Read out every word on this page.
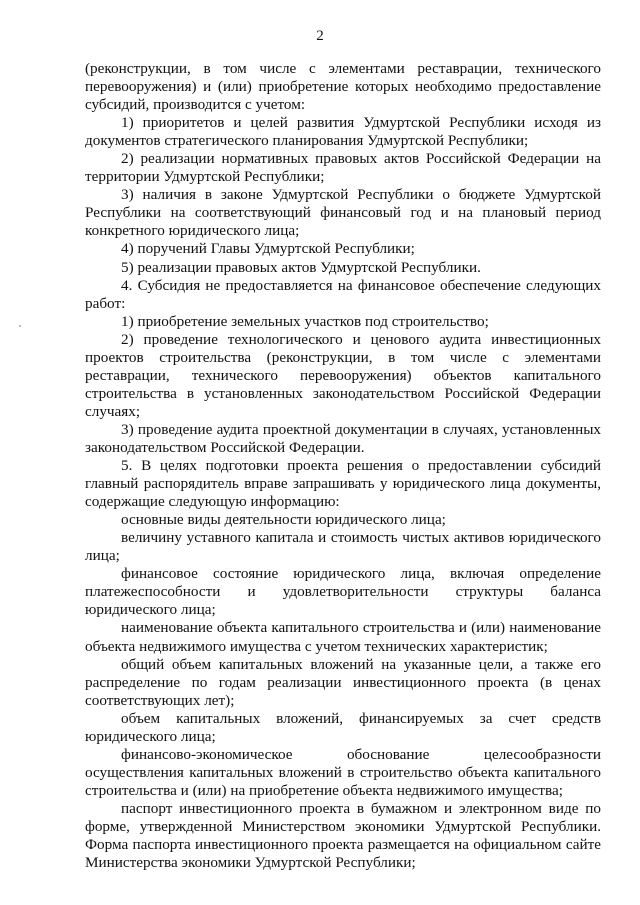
2

(реконструкции, в том числе с элементами реставрации, технического перевооружения) и (или) приобретение которых необходимо предоставление субсидий, производится с учетом:

1) приоритетов и целей развития Удмуртской Республики исходя из документов стратегического планирования Удмуртской Республики;

2) реализации нормативных правовых актов Российской Федерации на территории Удмуртской Республики;

3) наличия в законе Удмуртской Республики о бюджете Удмуртской Республики на соответствующий финансовый год и на плановый период конкретного юридического лица;

4) поручений Главы Удмуртской Республики;

5) реализации правовых актов Удмуртской Республики.

4. Субсидия не предоставляется на финансовое обеспечение следующих работ:

1) приобретение земельных участков под строительство;

2) проведение технологического и ценового аудита инвестиционных проектов строительства (реконструкции, в том числе с элементами реставрации, технического перевооружения) объектов капитального строительства в установленных законодательством Российской Федерации случаях;

3) проведение аудита проектной документации в случаях, установленных законодательством Российской Федерации.

5. В целях подготовки проекта решения о предоставлении субсидий главный распорядитель вправе запрашивать у юридического лица документы, содержащие следующую информацию:

основные виды деятельности юридического лица;

величину уставного капитала и стоимость чистых активов юридического лица;

финансовое состояние юридического лица, включая определение платежеспособности и удовлетворительности структуры баланса юридического лица;

наименование объекта капитального строительства и (или) наименование объекта недвижимого имущества с учетом технических характеристик;

общий объем капитальных вложений на указанные цели, а также его распределение по годам реализации инвестиционного проекта (в ценах соответствующих лет);

объем капитальных вложений, финансируемых за счет средств юридического лица;

финансово-экономическое обоснование целесообразности осуществления капитальных вложений в строительство объекта капитального строительства и (или) на приобретение объекта недвижимого имущества;

паспорт инвестиционного проекта в бумажном и электронном виде по форме, утвержденной Министерством экономики Удмуртской Республики. Форма паспорта инвестиционного проекта размещается на официальном сайте Министерства экономики Удмуртской Республики;
